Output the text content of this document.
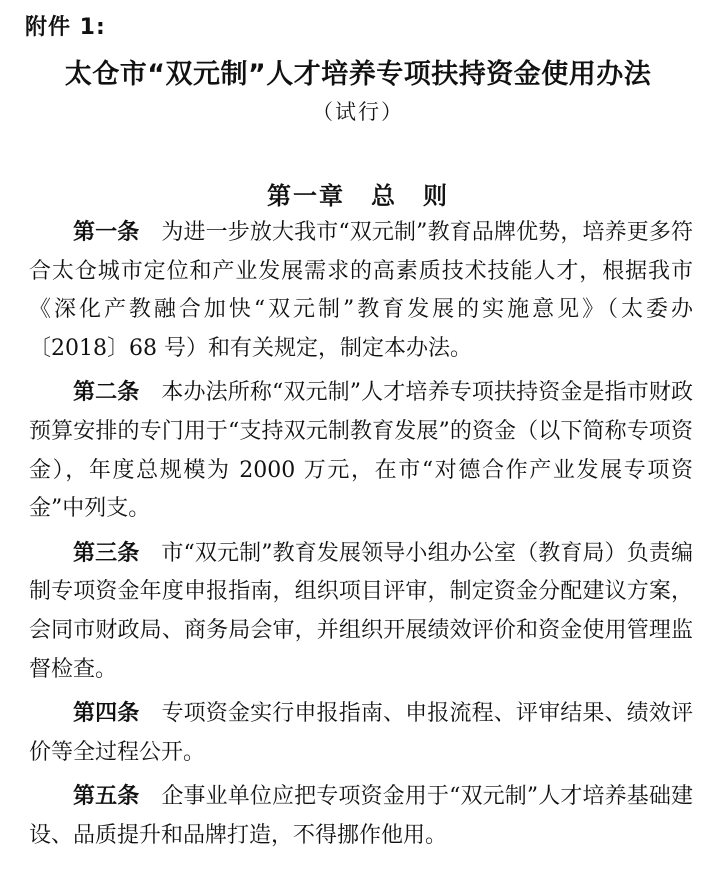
附件 1:
太仓市“双元制”人才培养专项扶持资金使用办法
（试行）
第一章　总　则

第一条 为进一步放大我市“双元制”教育品牌优势，培养更多符合太仓城市定位和产业发展需求的高素质技术技能人才，根据我市《深化产教融合加快“双元制”教育发展的实施意见》（太委办〔2018〕68 号）和有关规定，制定本办法。

第二条 本办法所称“双元制”人才培养专项扶持资金是指市财政预算安排的专门用于“支持双元制教育发展”的资金（以下简称专项资金），年度总规模为 2000 万元，在市“对德合作产业发展专项资金”中列支。

第三条 市“双元制”教育发展领导小组办公室（教育局）负责编制专项资金年度申报指南，组织项目评审，制定资金分配建议方案，会同市财政局、商务局会审，并组织开展绩效评价和资金使用管理监督检查。

第四条 专项资金实行申报指南、申报流程、评审结果、绩效评价等全过程公开。

第五条 企事业单位应把专项资金用于“双元制”人才培养基础建设、品质提升和品牌打造，不得挪作他用。
